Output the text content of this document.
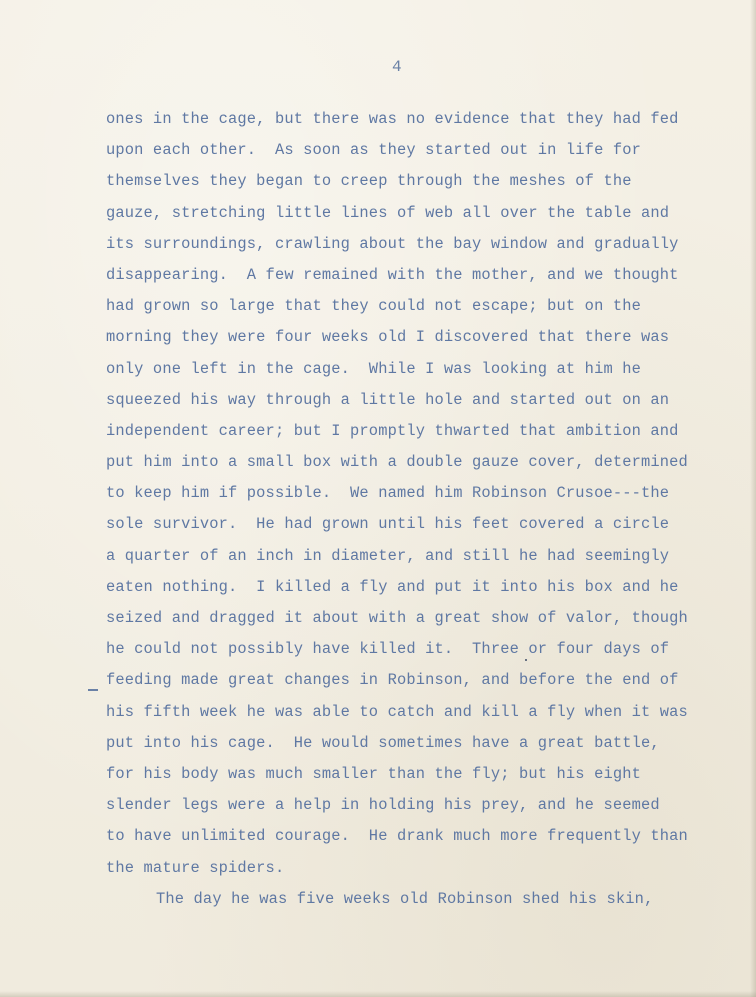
4
ones in the cage, but there was no evidence that they had fed
upon each other.  As soon as they started out in life for
themselves they began to creep through the meshes of the
gauze, stretching little lines of web all over the table and
its surroundings, crawling about the bay window and gradually
disappearing.  A few remained with the mother, and we thought
had grown so large that they could not escape; but on the
morning they were four weeks old I discovered that there was
only one left in the cage.  While I was looking at him he
squeezed his way through a little hole and started out on an
independent career; but I promptly thwarted that ambition and
put him into a small box with a double gauze cover, determined
to keep him if possible.  We named him Robinson Crusoe---the
sole survivor.  He had grown until his feet covered a circle
a quarter of an inch in diameter, and still he had seemingly
eaten nothing.  I killed a fly and put it into his box and he
seized and dragged it about with a great show of valor, though
he could not possibly have killed it.  Three or four days of
feeding made great changes in Robinson, and before the end of
his fifth week he was able to catch and kill a fly when it was
put into his cage.  He would sometimes have a great battle,
for his body was much smaller than the fly; but his eight
slender legs were a help in holding his prey, and he seemed
to have unlimited courage.  He drank much more frequently than
the mature spiders.
The day he was five weeks old Robinson shed his skin,
